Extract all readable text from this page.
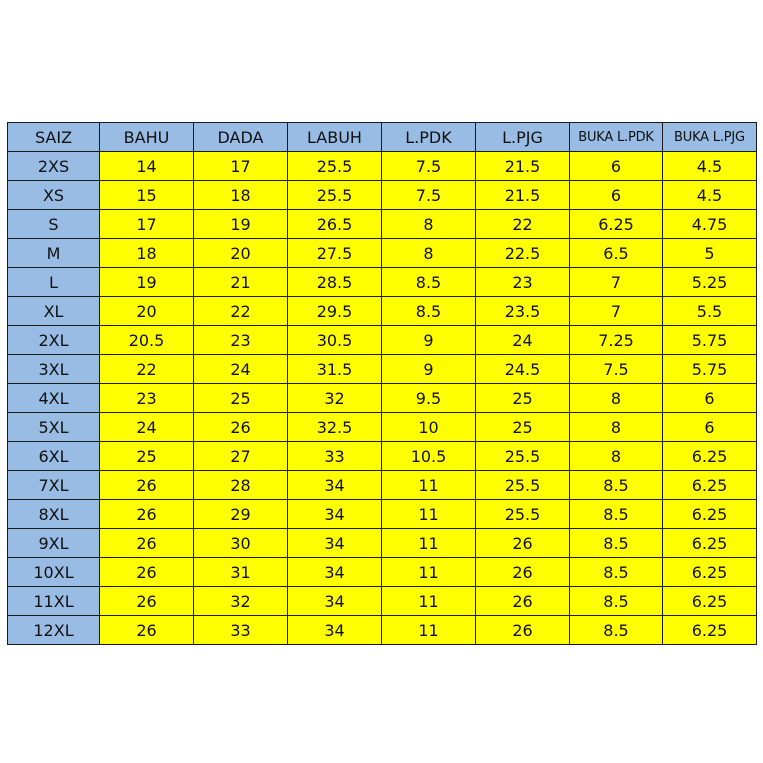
SAIZ	BAHU	DADA	LABUH	L.PDK	L.PJG	BUKA L.PDK	BUKA L.PJG
2XS	14	17	25.5	7.5	21.5	6	4.5
XS	15	18	25.5	7.5	21.5	6	4.5
S	17	19	26.5	8	22	6.25	4.75
M	18	20	27.5	8	22.5	6.5	5
L	19	21	28.5	8.5	23	7	5.25
XL	20	22	29.5	8.5	23.5	7	5.5
2XL	20.5	23	30.5	9	24	7.25	5.75
3XL	22	24	31.5	9	24.5	7.5	5.75
4XL	23	25	32	9.5	25	8	6
5XL	24	26	32.5	10	25	8	6
6XL	25	27	33	10.5	25.5	8	6.25
7XL	26	28	34	11	25.5	8.5	6.25
8XL	26	29	34	11	25.5	8.5	6.25
9XL	26	30	34	11	26	8.5	6.25
10XL	26	31	34	11	26	8.5	6.25
11XL	26	32	34	11	26	8.5	6.25
12XL	26	33	34	11	26	8.5	6.25
